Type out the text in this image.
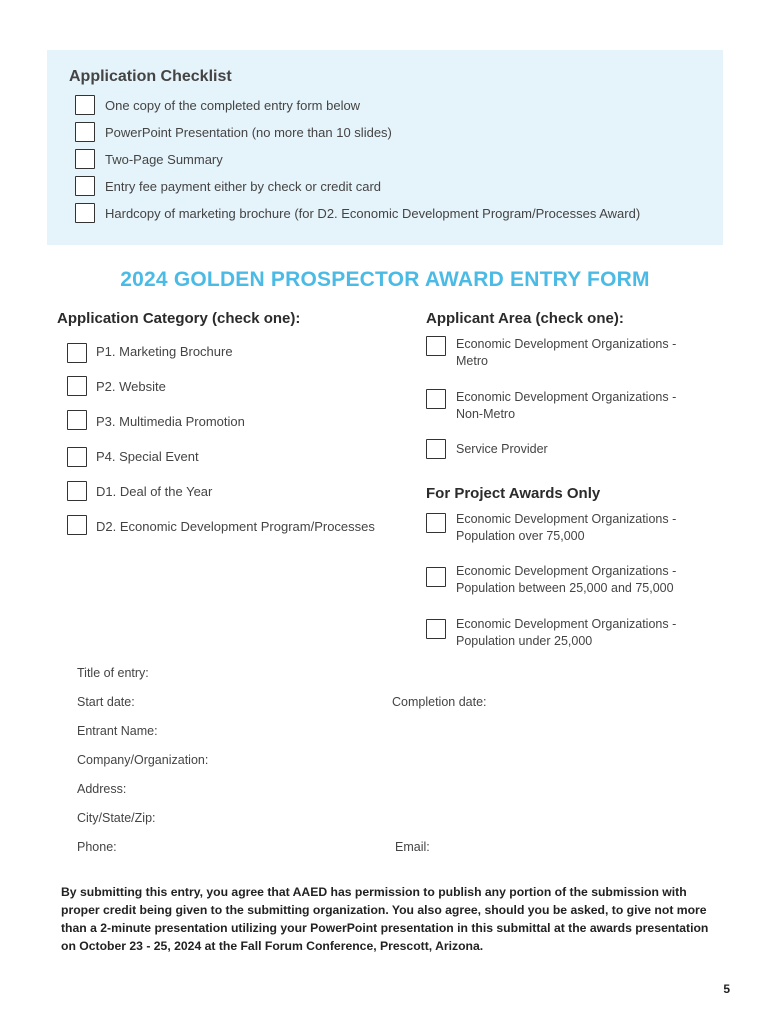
Application Checklist
One copy of the completed entry form below
PowerPoint Presentation (no more than 10 slides)
Two-Page Summary
Entry fee payment either by check or credit card
Hardcopy of marketing brochure (for D2. Economic Development Program/Processes Award)
2024 GOLDEN PROSPECTOR AWARD ENTRY FORM
Application Category (check one):
P1. Marketing Brochure
P2. Website
P3. Multimedia Promotion
P4. Special Event
D1. Deal of the Year
D2. Economic Development Program/Processes
Applicant Area (check one):
Economic Development Organizations -
Metro
Economic Development Organizations -
Non-Metro
Service Provider
For Project Awards Only
Economic Development Organizations -
Population over 75,000
Economic Development Organizations -
Population between 25,000 and 75,000
Economic Development Organizations -
Population under 25,000
Title of entry:
Start date:	Completion date:
Entrant Name:
Company/Organization:
Address:
City/State/Zip:
Phone:	Email:
By submitting this entry, you agree that AAED has permission to publish any portion of the submission with proper credit being given to the submitting organization. You also agree, should you be asked, to give not more than a 2-minute presentation utilizing your PowerPoint presentation in this submittal at the awards presentation on October 23 - 25, 2024 at the Fall Forum Conference, Prescott, Arizona.
5
